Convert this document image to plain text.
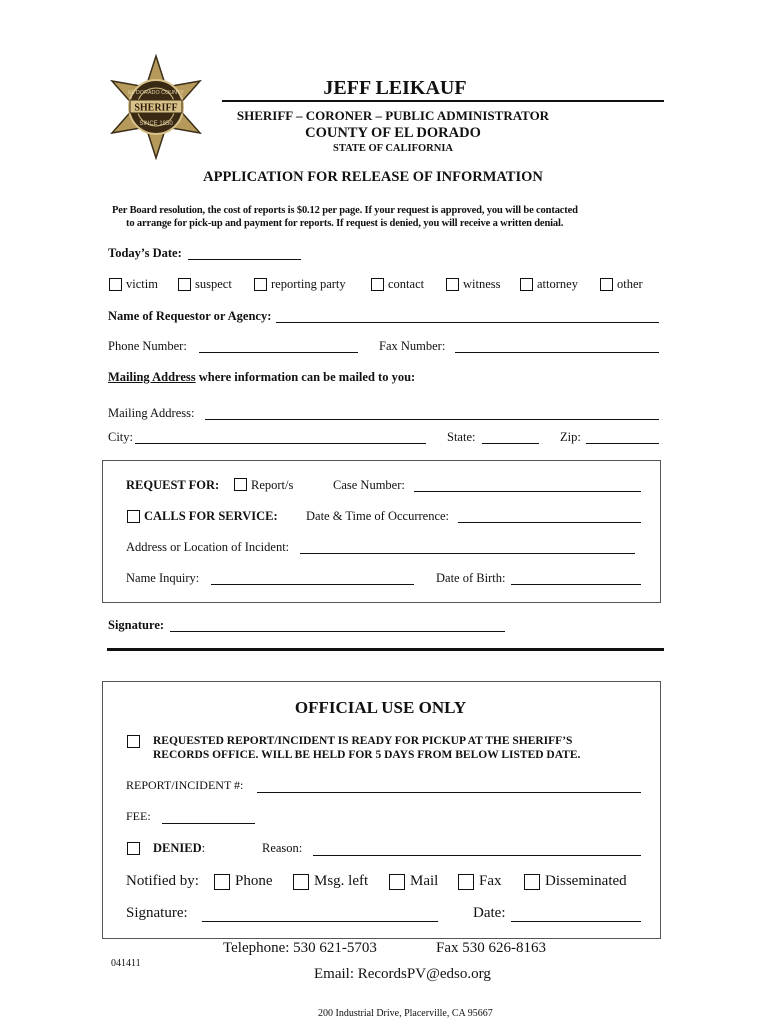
SHERIFF
EL DORADO COUNTY
SINCE 1850
JEFF LEIKAUF
SHERIFF – CORONER – PUBLIC ADMINISTRATOR
COUNTY OF EL DORADO
STATE OF CALIFORNIA
APPLICATION FOR RELEASE OF INFORMATION
Per Board resolution, the cost of reports is $0.12 per page. If your request is approved, you will be contacted
to arrange for pick-up and payment for reports. If request is denied, you will receive a written denial.
Today’s Date:
victim	suspect	reporting party	contact	witness	attorney	other
Name of Requestor or Agency:
Phone Number:	Fax Number:
Mailing Address where information can be mailed to you:
Mailing Address:
City:	State:	Zip:
REQUEST FOR:	Report/s	Case Number:
CALLS FOR SERVICE: Date & Time of Occurrence:
Address or Location of Incident:
Name Inquiry:	Date of Birth:
Signature:
OFFICIAL USE ONLY
REQUESTED REPORT/INCIDENT IS READY FOR PICKUP AT THE SHERIFF’S
RECORDS OFFICE. WILL BE HELD FOR 5 DAYS FROM BELOW LISTED DATE.
REPORT/INCIDENT #:
FEE:
DENIED:	Reason:
Notified by: Phone	Msg. left	Mail	Fax	Disseminated
Signature:	Date:
Telephone: 530 621-5703	Fax 530 626-8163
041411
Email: RecordsPV@edso.org
200 Industrial Drive, Placerville, CA 95667
